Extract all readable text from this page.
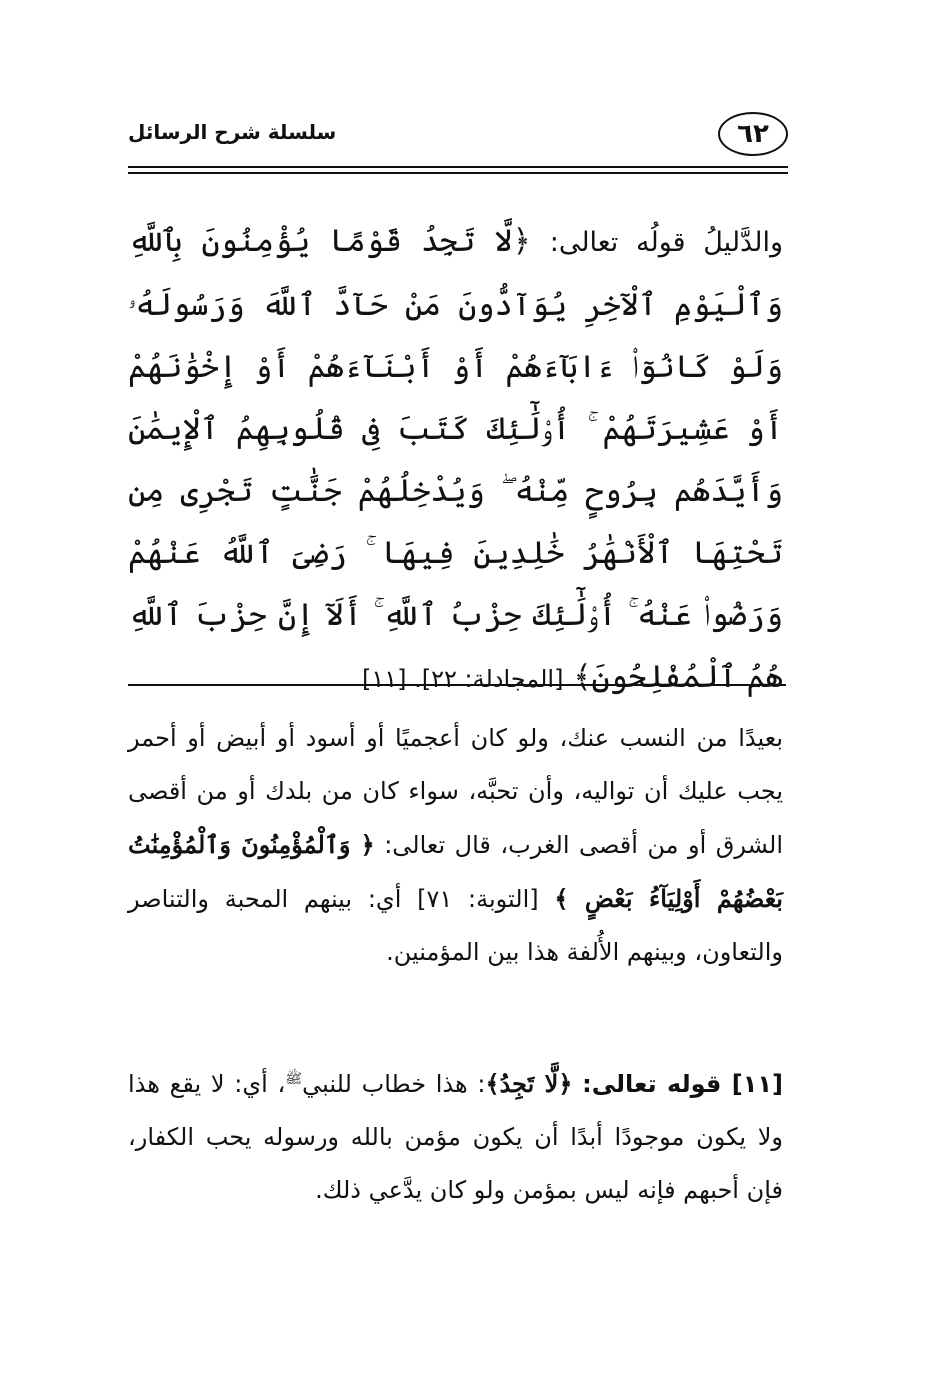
٦٢
سلسلة شرح الرسائل
والدَّليلُ قولُه تعالى: ﴿لَّا تَجِدُ قَوْمًا يُؤْمِنُونَ بِٱللَّهِ وَٱلْيَوْمِ ٱلْآخِرِ يُوَآدُّونَ مَنْ حَآدَّ ٱللَّهَ وَرَسُولَهُۥ وَلَوْ كَانُوٓا۟ ءَابَآءَهُمْ أَوْ أَبْنَآءَهُمْ أَوْ إِخْوَٰنَهُمْ أَوْ عَشِيرَتَهُمْ ۚ أُو۟لَٰٓئِكَ كَتَبَ فِى قُلُوبِهِمُ ٱلْإِيمَٰنَ وَأَيَّدَهُم بِرُوحٍ مِّنْهُ ۖ وَيُدْخِلُهُمْ جَنَّٰتٍ تَجْرِى مِن تَحْتِهَا ٱلْأَنْهَٰرُ خَٰلِدِينَ فِيهَا ۚ رَضِىَ ٱللَّهُ عَنْهُمْ وَرَضُوا۟ عَنْهُ ۚ أُو۟لَٰٓئِكَ حِزْبُ ٱللَّهِ ۚ أَلَآ إِنَّ حِزْبَ ٱللَّهِ هُمُ ٱلْمُفْلِحُونَ﴾ [المجادلة: ٢٢]. [١١]
بعيدًا من النسب عنك، ولو كان أعجميًا أو أسود أو أبيض أو أحمر يجب عليك أن تواليه، وأن تحبَّه، سواء كان من بلدك أو من أقصى الشرق أو من أقصى الغرب، قال تعالى: ﴿ وَٱلْمُؤْمِنُونَ وَٱلْمُؤْمِنَٰتُ بَعْضُهُمْ أَوْلِيَآءُ بَعْضٍ ﴾ [التوبة: ٧١] أي: بينهم المحبة والتناصر والتعاون، وبينهم الأُلفة هذا بين المؤمنين.
[١١] قوله تعالى: ﴿لَّا تَجِدُ﴾: هذا خطاب للنبي$^ﷺ$، أي: لا يقع هذا ولا يكون موجودًا أبدًا أن يكون مؤمن بالله ورسوله يحب الكفار، فإن أحبهم فإنه ليس بمؤمن ولو كان يدَّعي ذلك.
